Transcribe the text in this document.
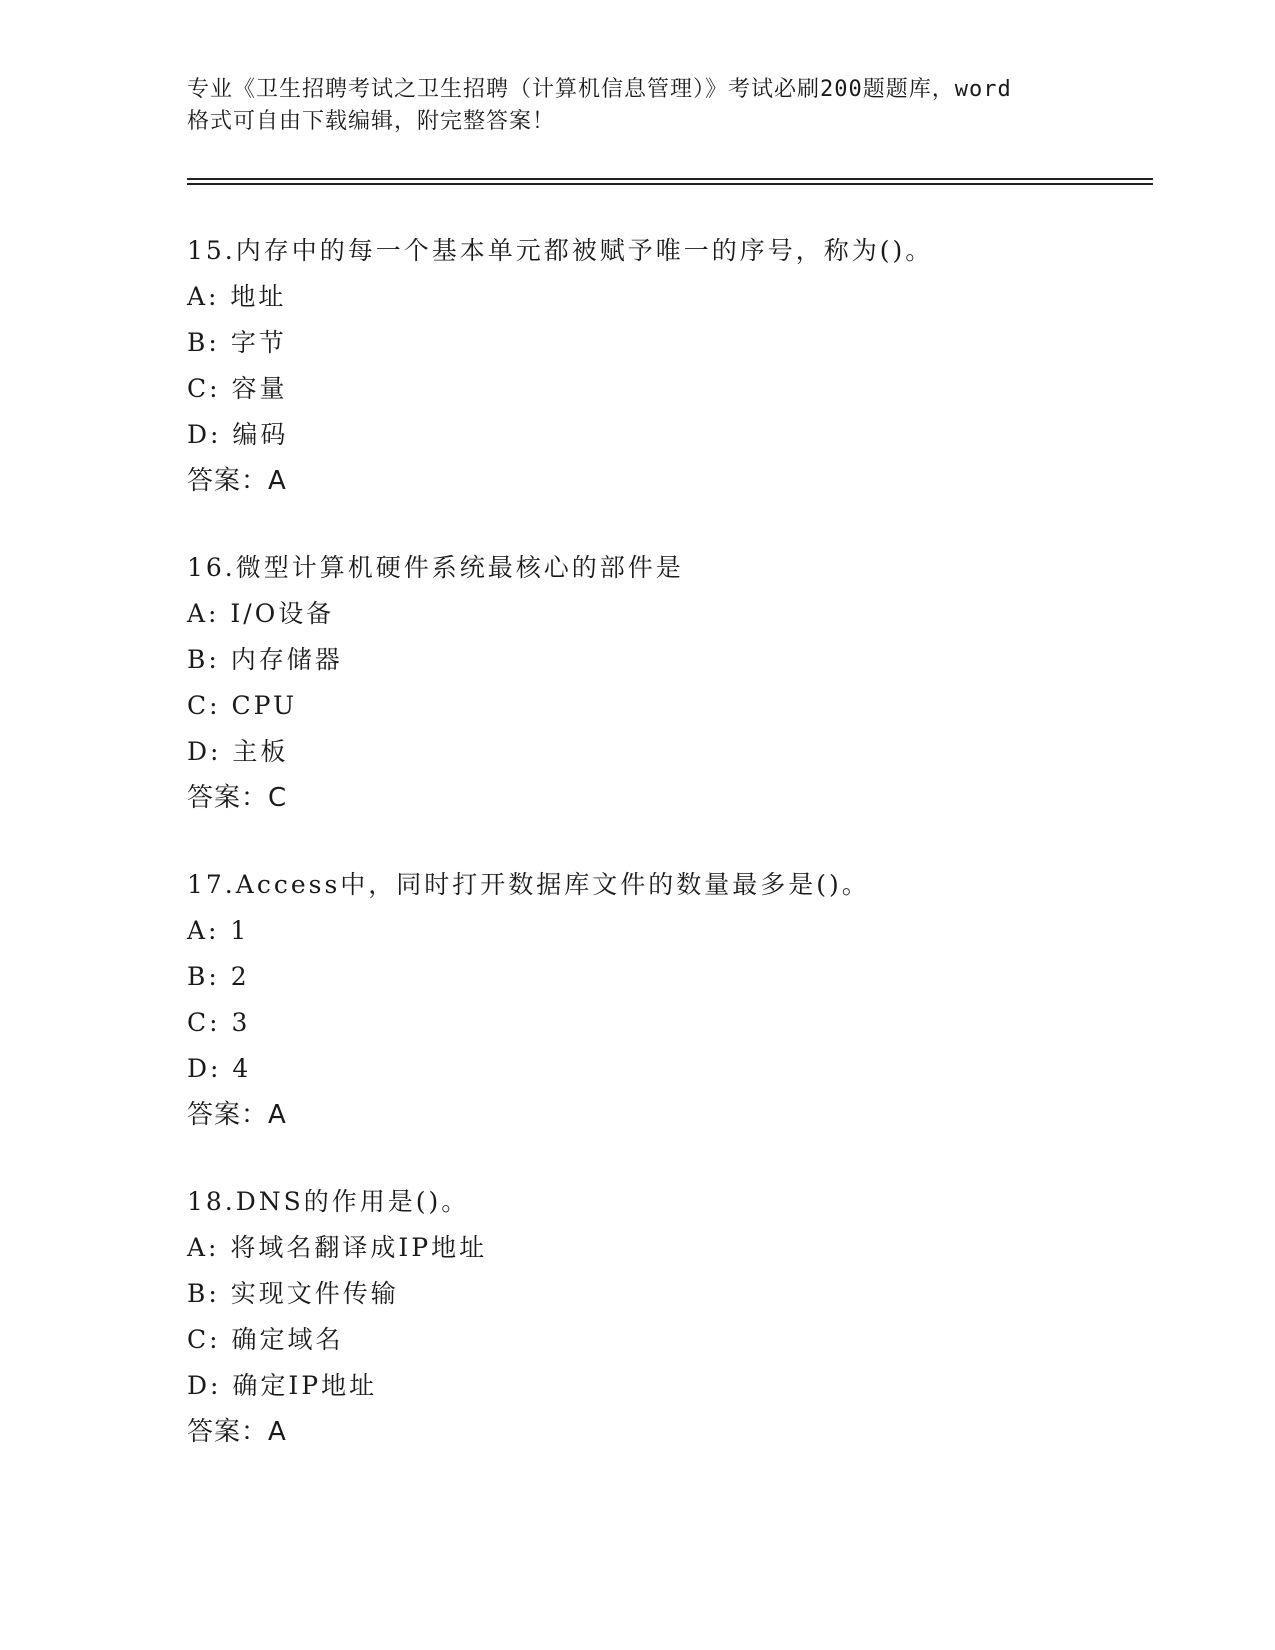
专业《卫生招聘考试之卫生招聘（计算机信息管理）》考试必刷200题题库，word
格式可自由下载编辑，附完整答案！
15.内存中的每一个基本单元都被赋予唯一的序号，称为()。
A: 地址
B: 字节
C: 容量
D: 编码
答案：A
16.微型计算机硬件系统最核心的部件是
A: I/O设备
B: 内存储器
C: CPU
D: 主板
答案：C
17.Access中，同时打开数据库文件的数量最多是()。
A: 1
B: 2
C: 3
D: 4
答案：A
18.DNS的作用是()。
A: 将域名翻译成IP地址
B: 实现文件传输
C: 确定域名
D: 确定IP地址
答案：A
